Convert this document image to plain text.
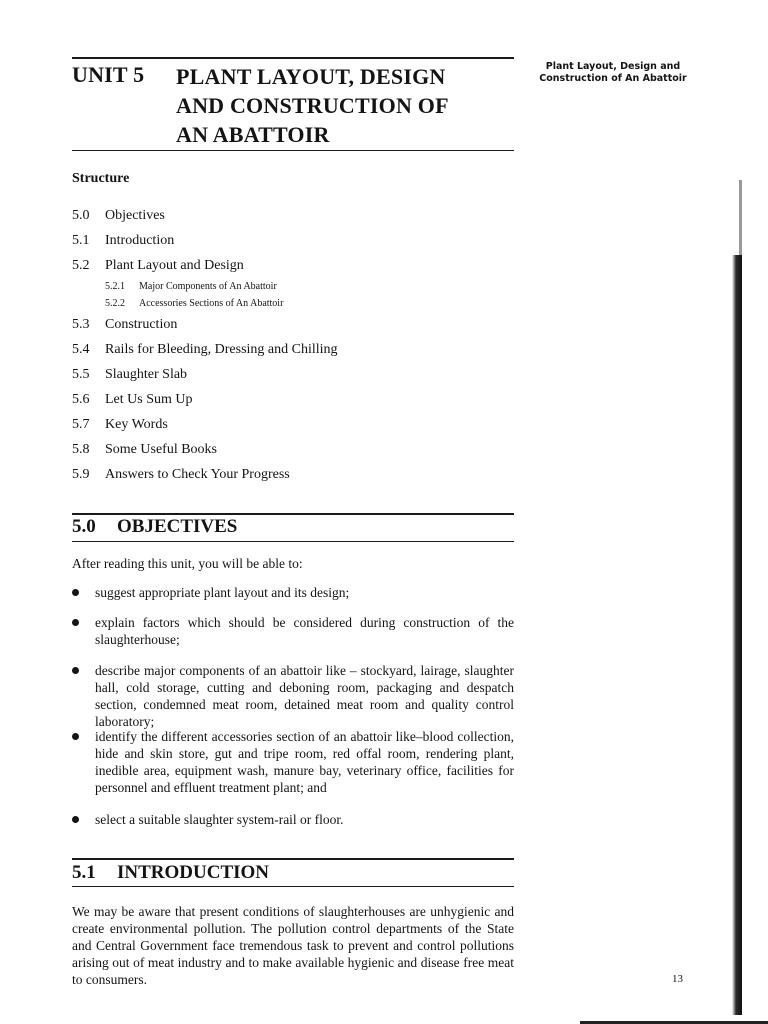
UNIT 5 PLANT LAYOUT, DESIGN
AND CONSTRUCTION OF
AN ABATTOIR
Plant Layout, Design and
Construction of An Abattoir
Structure
5.0 Objectives
5.1 Introduction
5.2 Plant Layout and Design
5.2.1 Major Components of An Abattoir
5.2.2 Accessories Sections of An Abattoir
5.3 Construction
5.4 Rails for Bleeding, Dressing and Chilling
5.5 Slaughter Slab
5.6 Let Us Sum Up
5.7 Key Words
5.8 Some Useful Books
5.9 Answers to Check Your Progress
5.0 OBJECTIVES
After reading this unit, you will be able to:
suggest appropriate plant layout and its design;
explain factors which should be considered during construction of the slaughterhouse;
describe major components of an abattoir like – stockyard, lairage, slaughter hall, cold storage, cutting and deboning room, packaging and despatch section, condemned meat room, detained meat room and quality control laboratory;
identify the different accessories section of an abattoir like–blood collection, hide and skin store, gut and tripe room, red offal room, rendering plant, inedible area, equipment wash, manure bay, veterinary office, facilities for personnel and effluent treatment plant; and
select a suitable slaughter system-rail or floor.
5.1 INTRODUCTION
We may be aware that present conditions of slaughterhouses are unhygienic and create environmental pollution. The pollution control departments of the State and Central Government face tremendous task to prevent and control pollutions arising out of meat industry and to make available hygienic and disease free meat to consumers.	13
